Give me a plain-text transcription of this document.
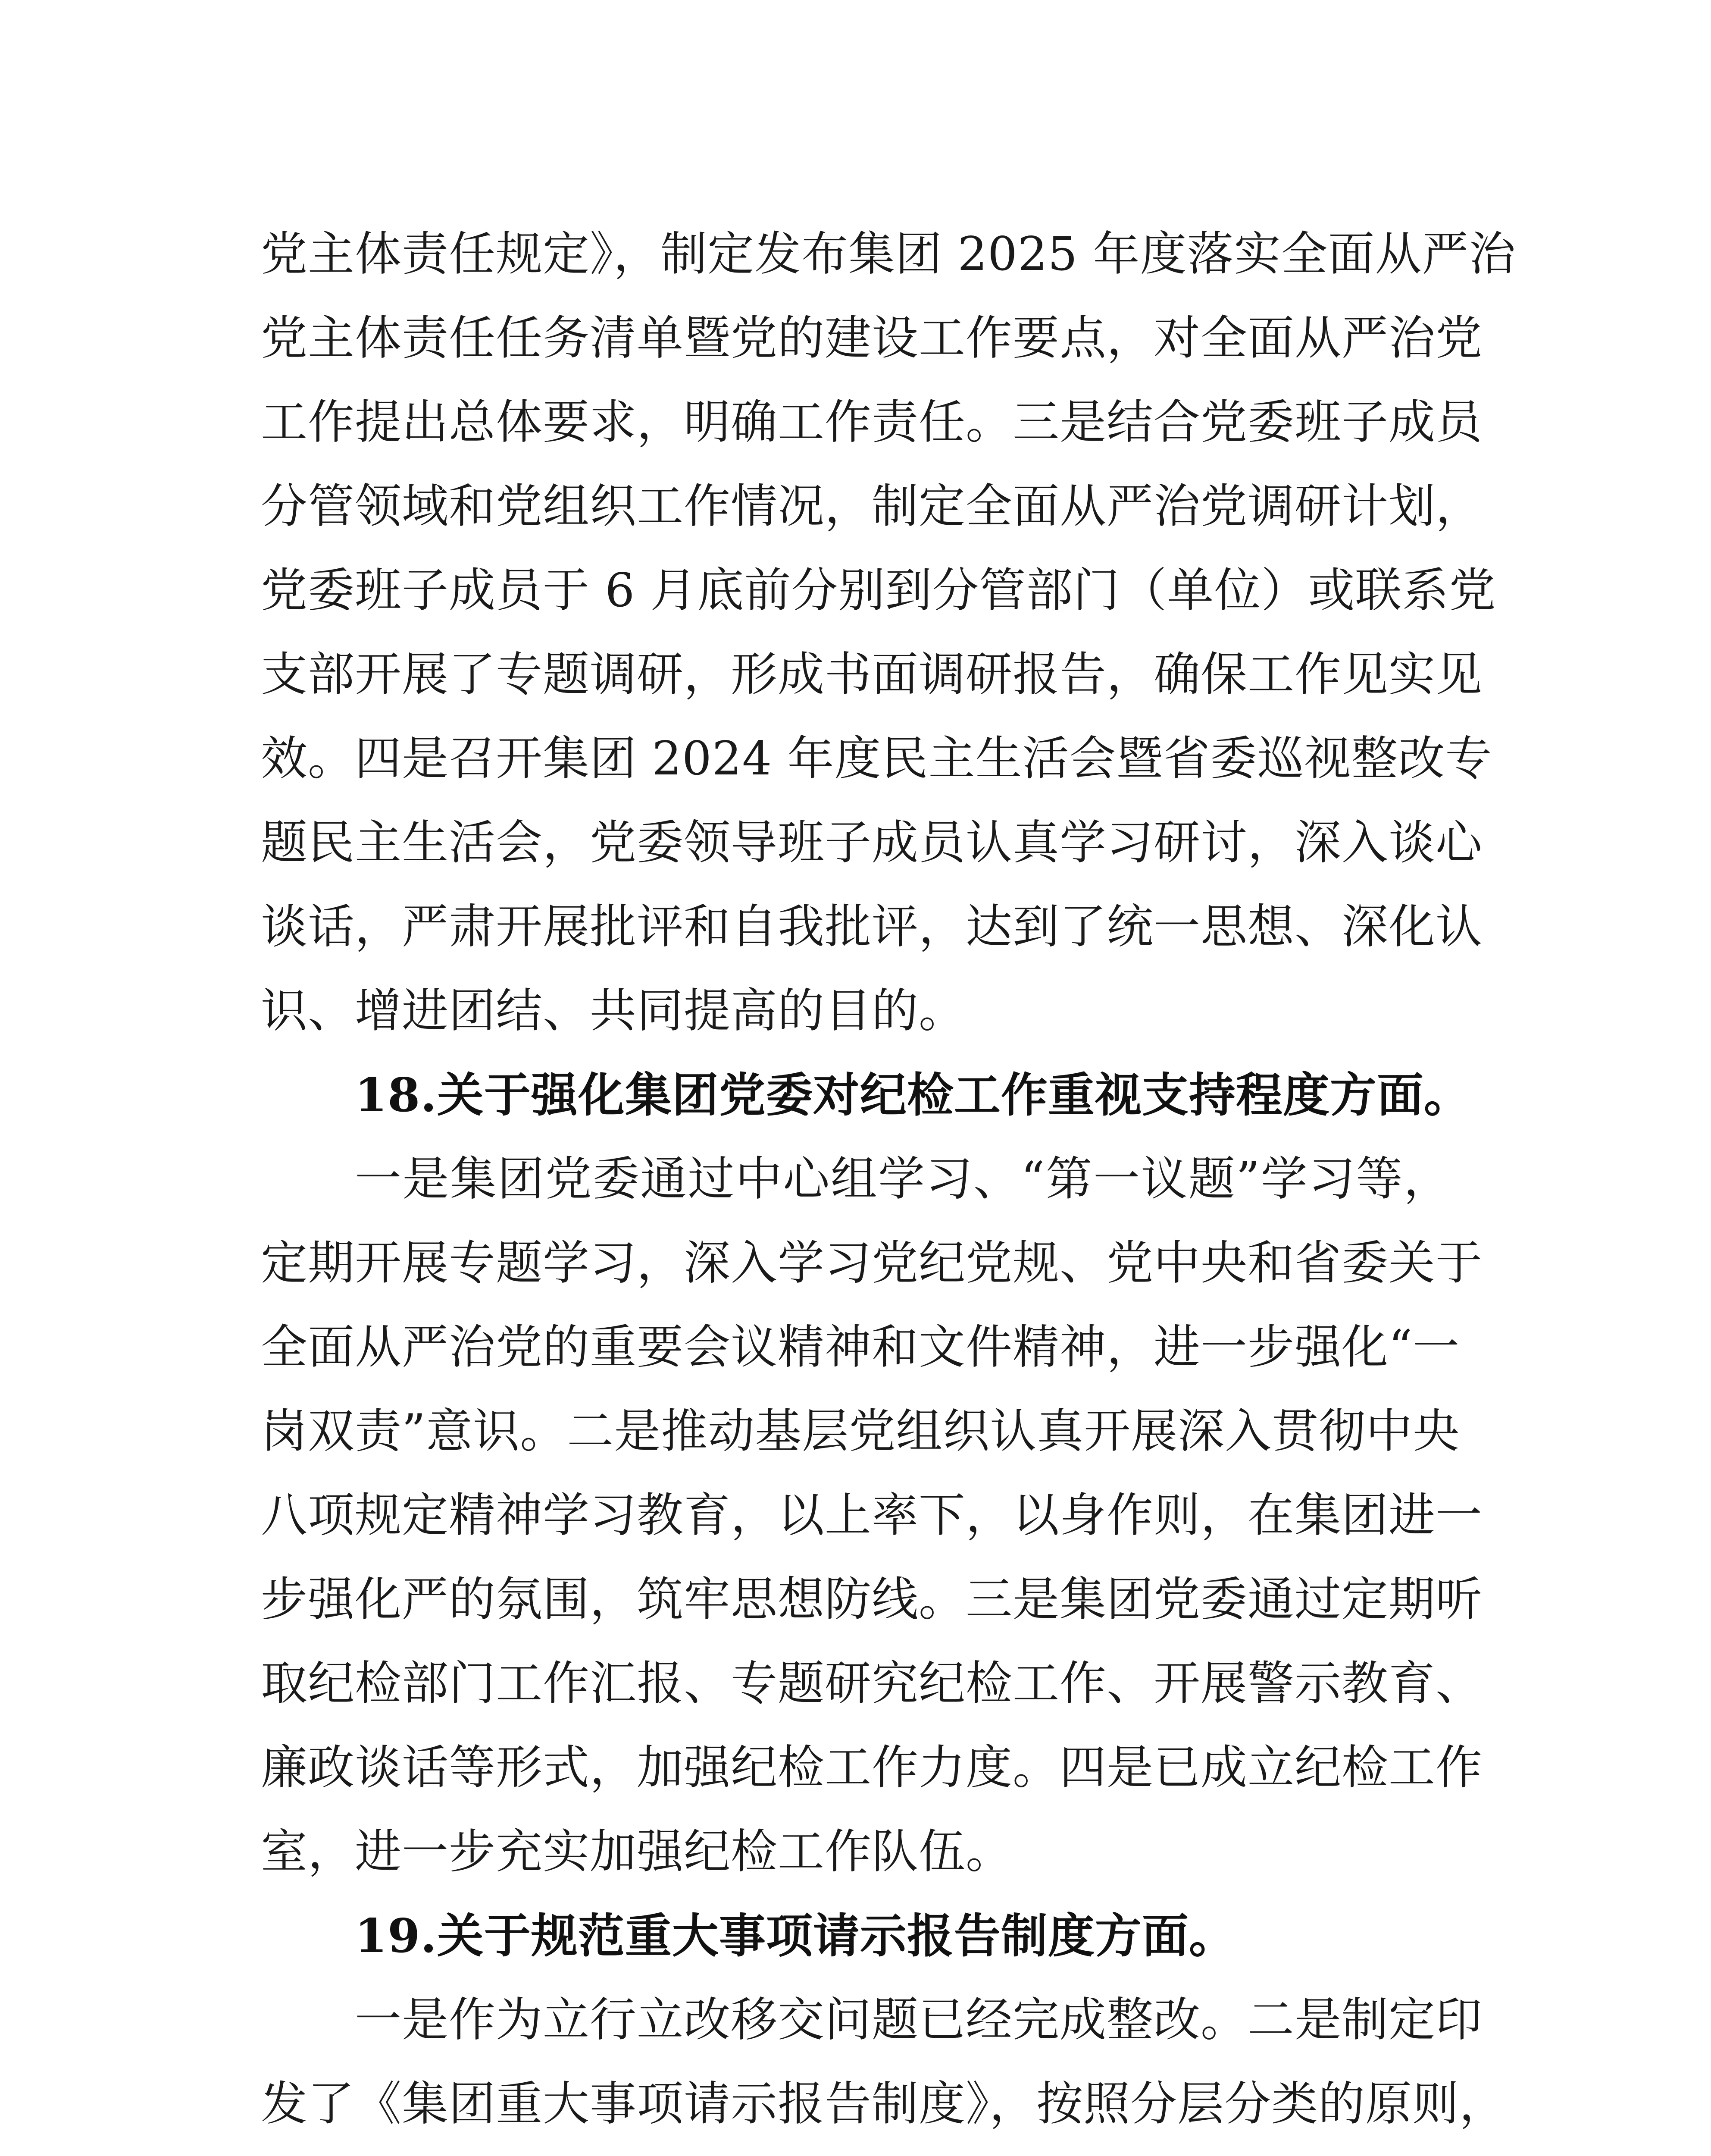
党主体责任规定》，制定发布集团 2025 年度落实全面从严治

党主体责任任务清单暨党的建设工作要点，对全面从严治党

工作提出总体要求，明确工作责任。三是结合党委班子成员

分管领域和党组织工作情况，制定全面从严治党调研计划，

党委班子成员于 6 月底前分别到分管部门（单位）或联系党

支部开展了专题调研，形成书面调研报告，确保工作见实见

效。四是召开集团 2024 年度民主生活会暨省委巡视整改专

题民主生活会，党委领导班子成员认真学习研讨，深入谈心

谈话，严肃开展批评和自我批评，达到了统一思想、深化认

识、增进团结、共同提高的目的。

18.关于强化集团党委对纪检工作重视支持程度方面。

一是集团党委通过中心组学习、“第一议题”学习等，

定期开展专题学习，深入学习党纪党规、党中央和省委关于

全面从严治党的重要会议精神和文件精神，进一步强化“一

岗双责”意识。二是推动基层党组织认真开展深入贯彻中央

八项规定精神学习教育，以上率下，以身作则，在集团进一

步强化严的氛围，筑牢思想防线。三是集团党委通过定期听

取纪检部门工作汇报、专题研究纪检工作、开展警示教育、

廉政谈话等形式，加强纪检工作力度。四是已成立纪检工作

室，进一步充实加强纪检工作队伍。

19.关于规范重大事项请示报告制度方面。

一是作为立行立改移交问题已经完成整改。二是制定印

发了《集团重大事项请示报告制度》，按照分层分类的原则，
